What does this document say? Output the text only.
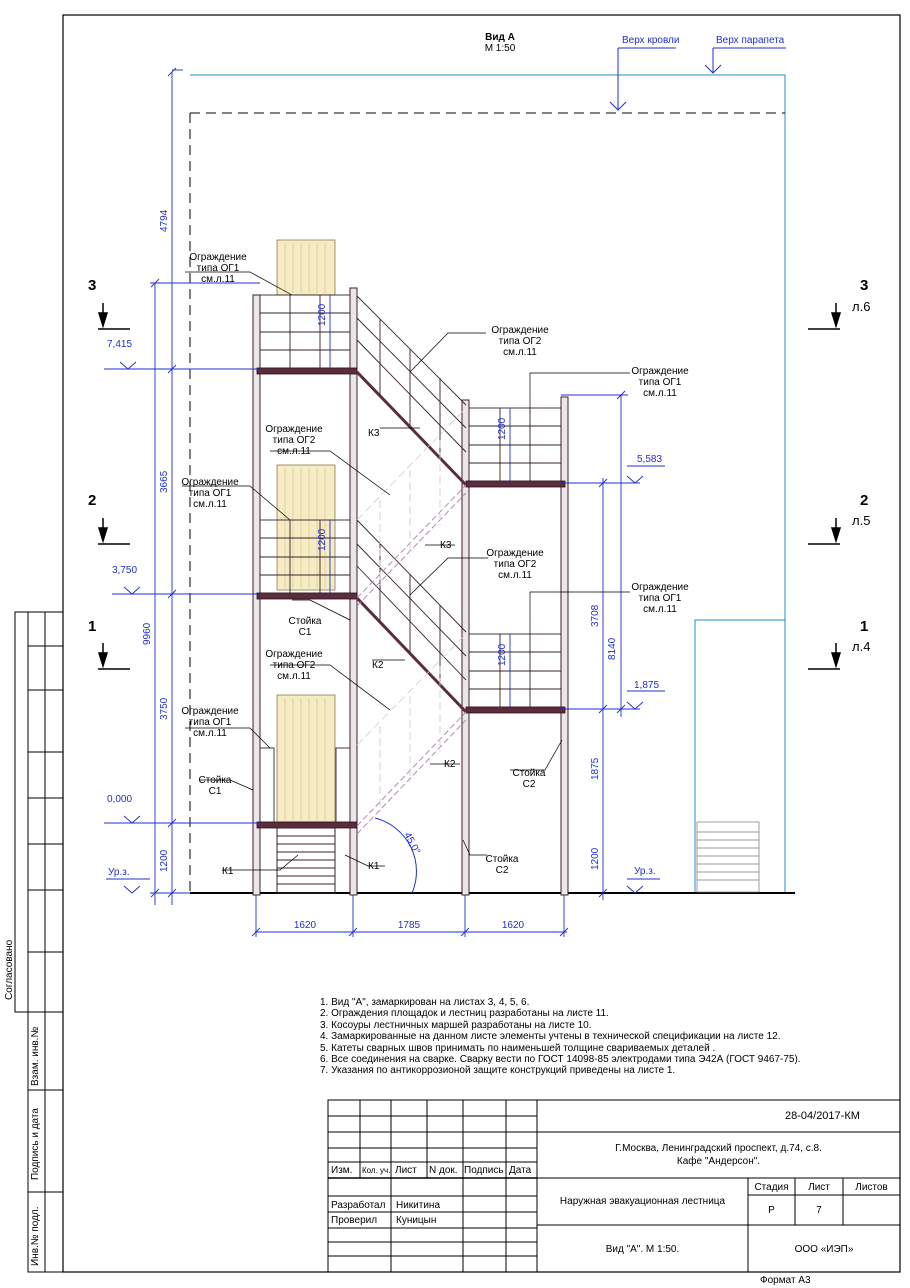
Вид А
М 1:50
Верх кровли	Верх парапета
7,415
3,750
0,000
Ур.з.
5,583
1,875
Ур.з.
4794
3665
9960
3750
1200
8140
3708
1875
1200
1200
1200
1200
1200
45,0°
1620	1785	1620
3
2
1
3
л.6
2
л.5
1
л.4
Ограждение
типа ОГ1
см.л.11
Ограждение
типа ОГ2
см.л.11
Ограждение
типа ОГ1
см.л.11
Ограждение
типа ОГ2
см.л.11
Ограждение
типа ОГ1
см.л.11
Ограждение
типа ОГ2
см.л.11
Ограждение
типа ОГ1
см.л.11
Ограждение
типа ОГ2
см.л.11
Ограждение
типа ОГ1
см.л.11
Стойка
С1
Стойка
С1
Стойка
С2
Стойка
С2
К3
К3
К2
К2
К1	К1
1. Вид "А", замаркирован на листах 3, 4, 5, 6.
2. Ограждения площадок и лестниц разработаны на листе 11.
3. Косоуры лестничных маршей разработаны на листе 10.
4. Замаркированные на данном листе элементы учтены в технической спецификации на листе 12.
5. Катеты сварных швов принимать по наименьшей толщине свариваемых деталей .
6. Все соединения на сварке. Сварку вести по ГОСТ 14098-85 электродами типа Э42А (ГОСТ 9467-75).
7. Указания по антикоррозионой защите конструкций приведены на листе 1.
28-04/2017-КМ
Г.Москва, Ленинградский проспект, д.74, с.8.
Кафе "Андерсон".
Изм. Кол. уч. Лист N док. Подпись Дата
Разработал Никитина
Проверил Куницын
Наружная эвакуационная лестница
Стадия	Лист	Листов
Р	7
Вид "А". М 1:50.	ООО «ИЭП»
Формат А3
Согласовано
Взам. инв.№
Подпись и дата
Инв.№ подл.
